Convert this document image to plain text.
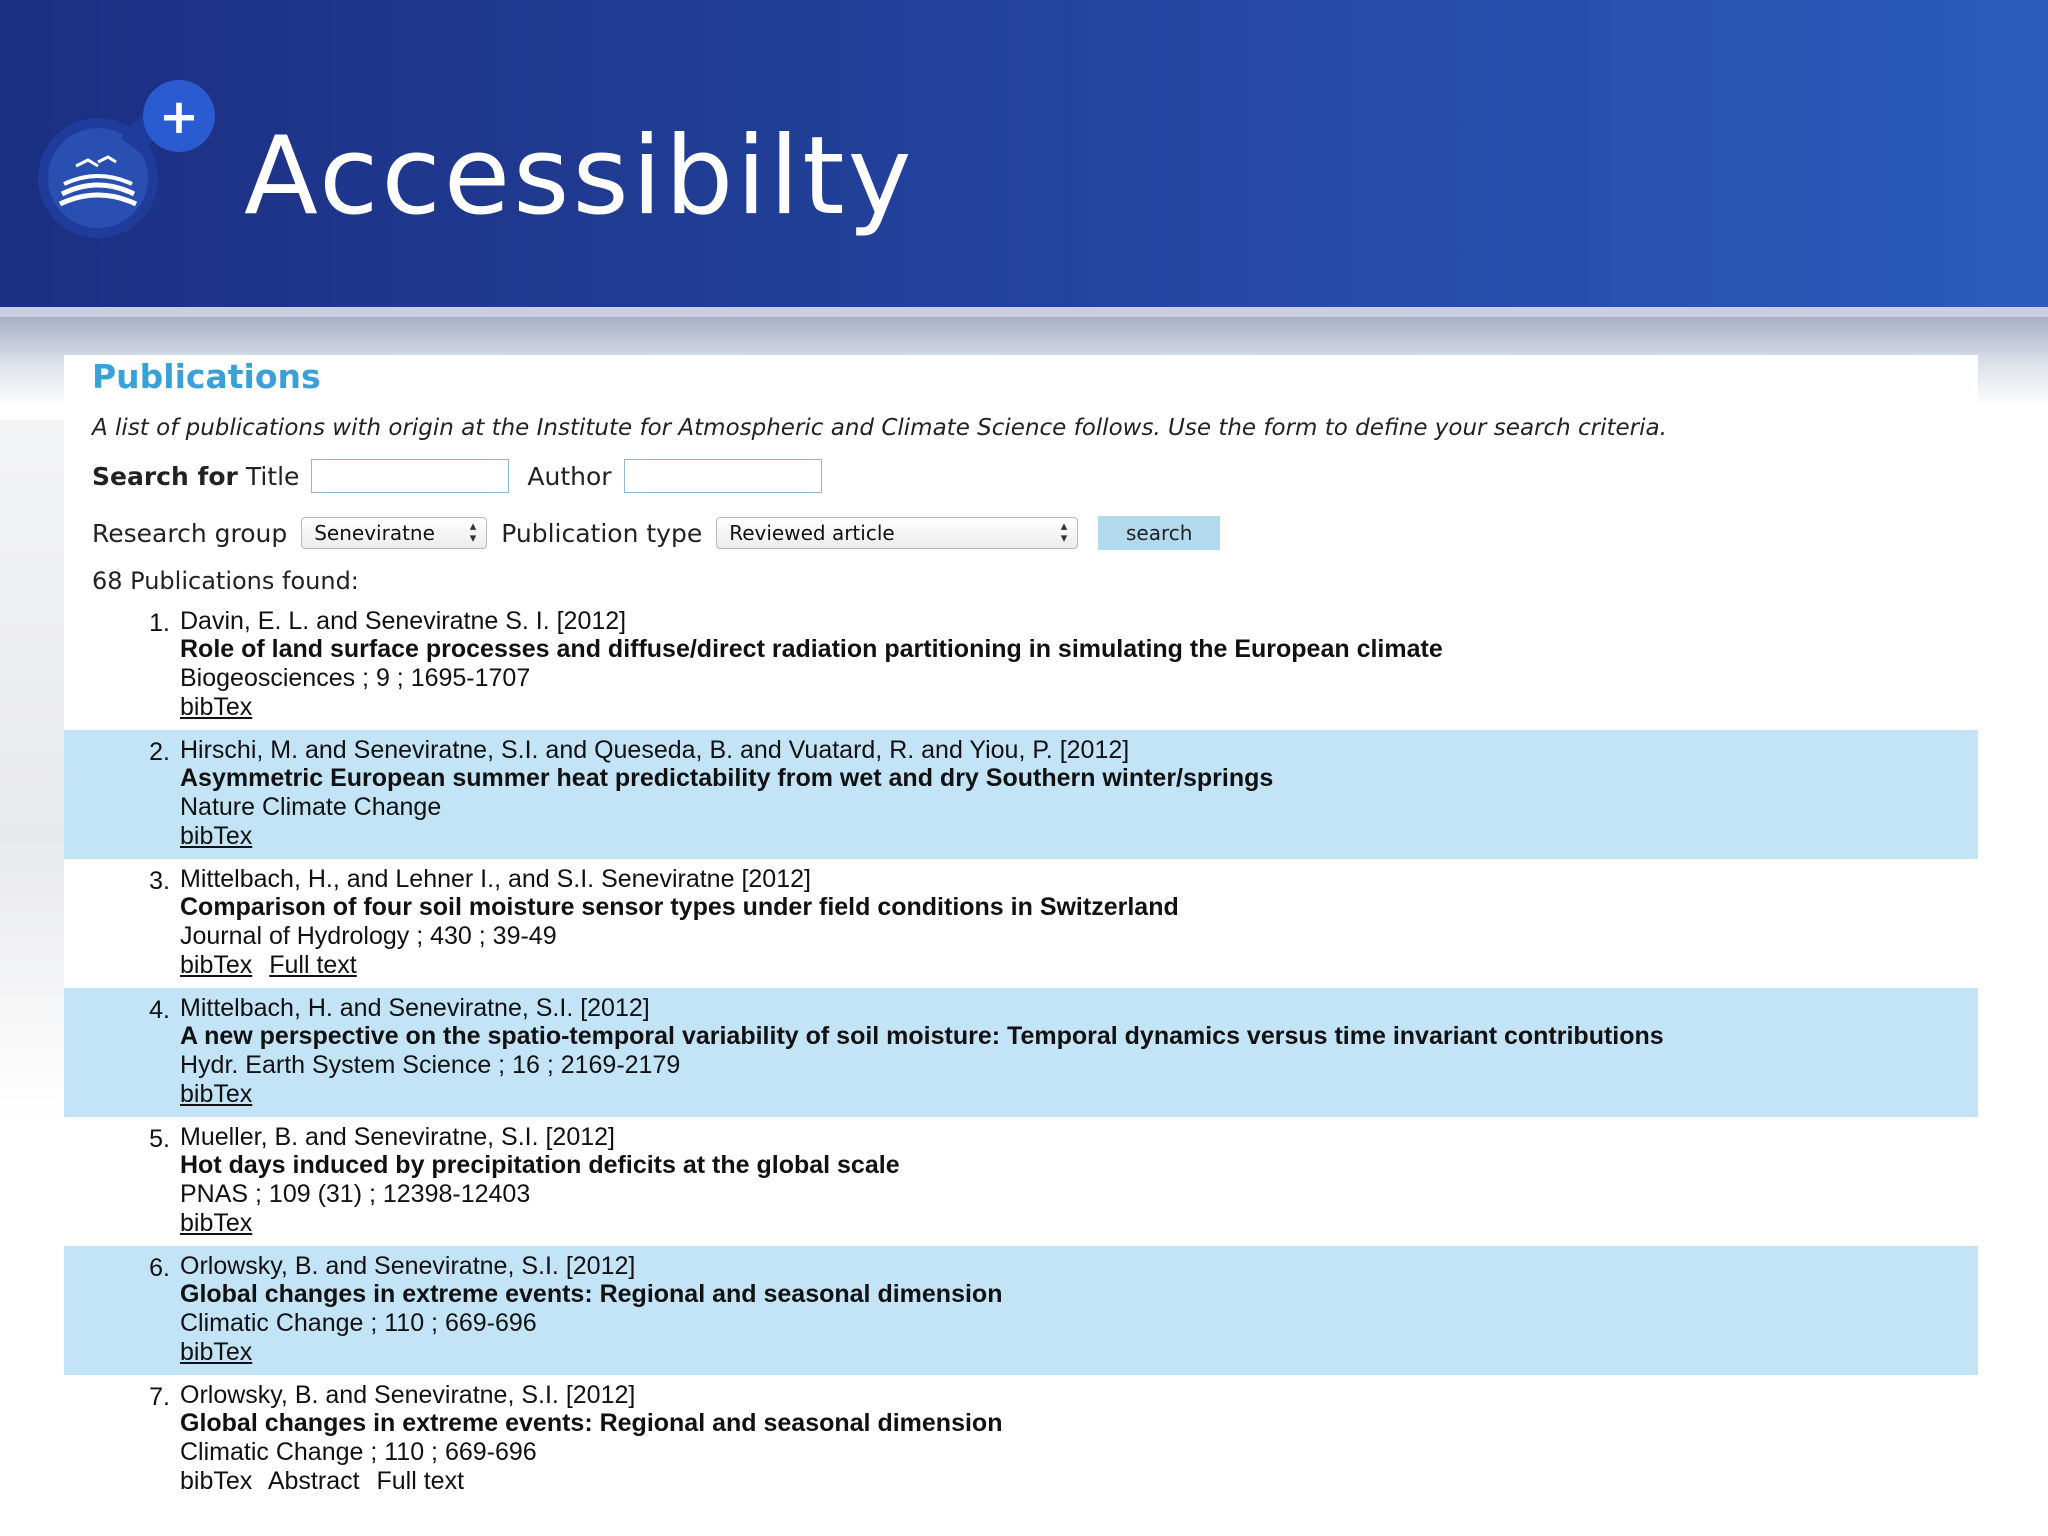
+ Accessibilty
Publications
A list of publications with origin at the Institute for Atmospheric and Climate Science follows. Use the form to define your search criteria.
Search for Title	Author
Research group Seneviratne	▴
▾ Publication type Reviewed article	▴
▾	search
68 Publications found:
1. Davin, E. L. and Seneviratne S. I. [2012]
Role of land surface processes and diffuse/direct radiation partitioning in simulating the European climate
Biogeosciences ; 9 ; 1695-1707
bibTex
2. Hirschi, M. and Seneviratne, S.I. and Queseda, B. and Vuatard, R. and Yiou, P. [2012]
Asymmetric European summer heat predictability from wet and dry Southern winter/springs
Nature Climate Change
bibTex
3. Mittelbach, H., and Lehner I., and S.I. Seneviratne [2012]
Comparison of four soil moisture sensor types under field conditions in Switzerland
Journal of Hydrology ; 430 ; 39-49
bibTex Full text
4. Mittelbach, H. and Seneviratne, S.I. [2012]
A new perspective on the spatio-temporal variability of soil moisture: Temporal dynamics versus time invariant contributions
Hydr. Earth System Science ; 16 ; 2169-2179
bibTex
5. Mueller, B. and Seneviratne, S.I. [2012]
Hot days induced by precipitation deficits at the global scale
PNAS ; 109 (31) ; 12398-12403
bibTex
6. Orlowsky, B. and Seneviratne, S.I. [2012]
Global changes in extreme events: Regional and seasonal dimension
Climatic Change ; 110 ; 669-696
bibTex
7. Orlowsky, B. and Seneviratne, S.I. [2012]
Global changes in extreme events: Regional and seasonal dimension
Climatic Change ; 110 ; 669-696
bibTex Abstract Full text
